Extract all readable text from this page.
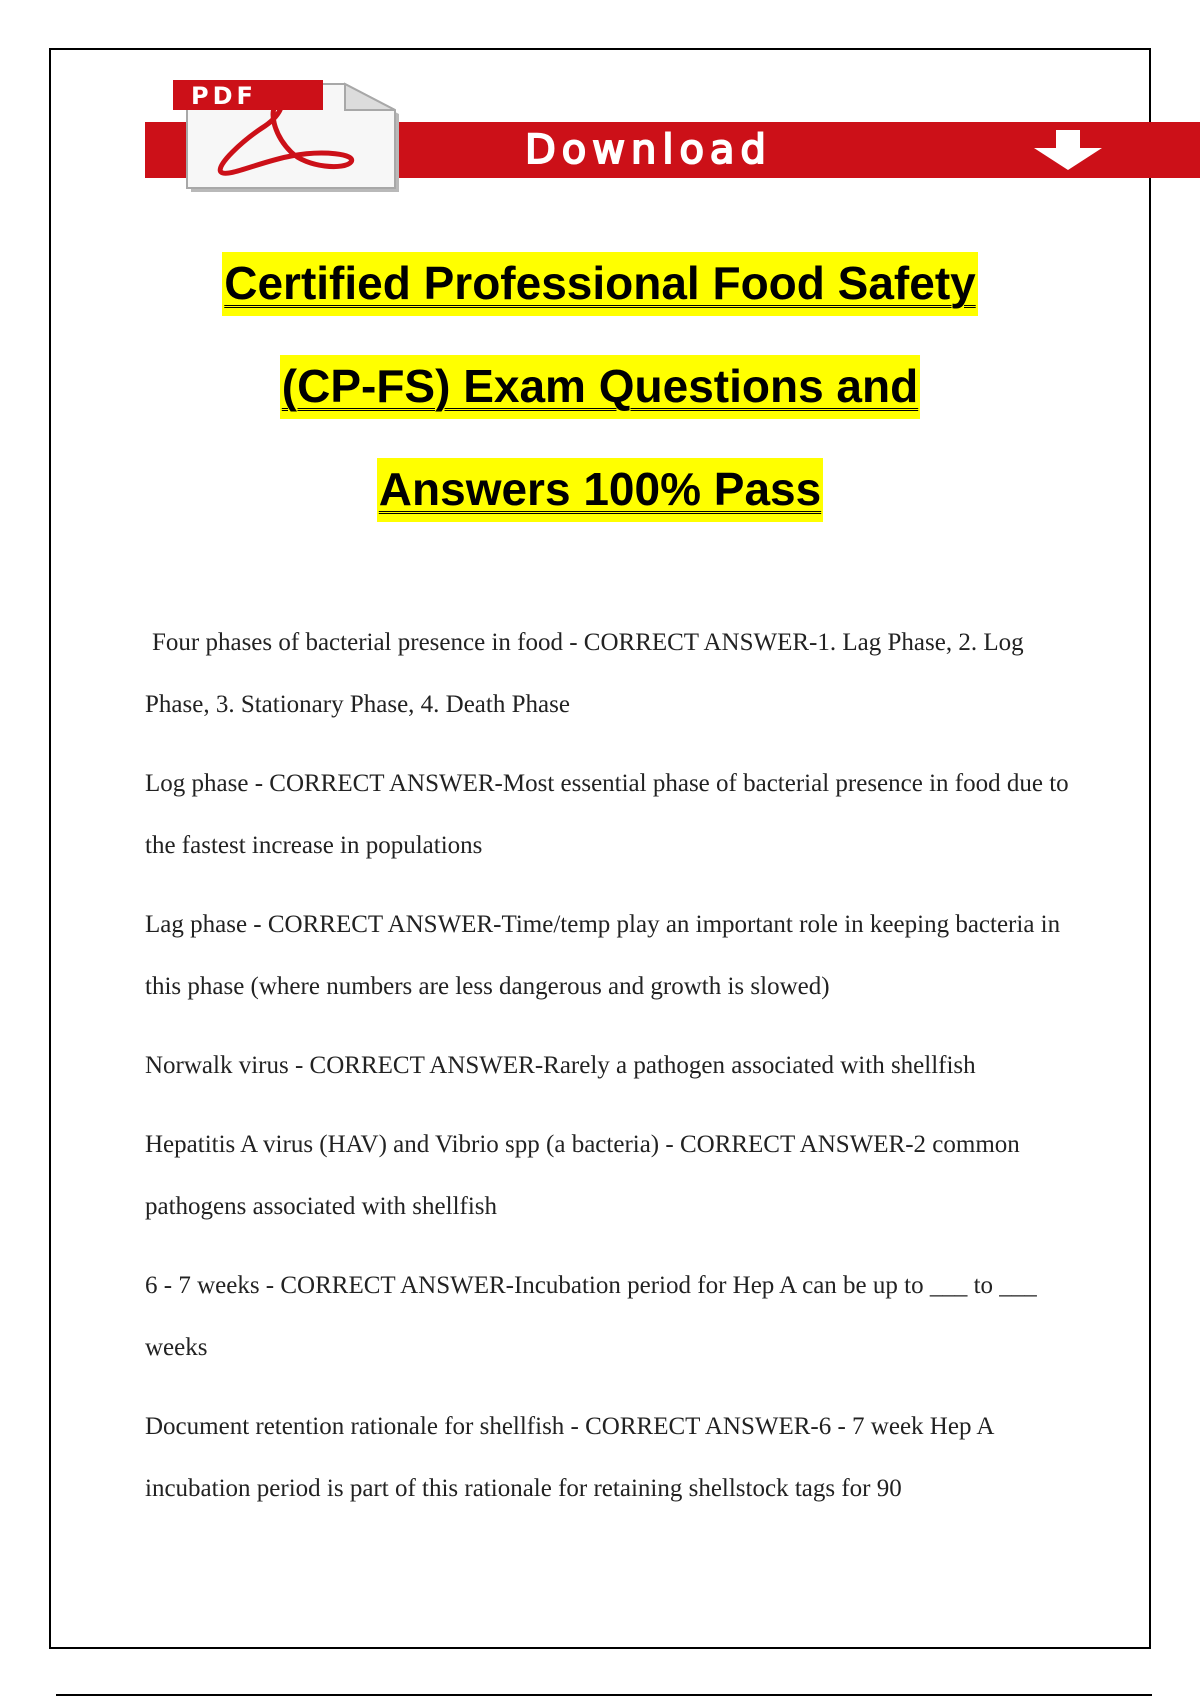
Download
PDF
Certified Professional Food Safety
(CP-FS) Exam Questions and
Answers 100% Pass

Four phases of bacterial presence in food - CORRECT ANSWER-1. Lag Phase, 2. Log Phase, 3. Stationary Phase, 4. Death Phase

Log phase - CORRECT ANSWER-Most essential phase of bacterial presence in food due to the fastest increase in populations

Lag phase - CORRECT ANSWER-Time/temp play an important role in keeping bacteria in this phase (where numbers are less dangerous and growth is slowed)

Norwalk virus - CORRECT ANSWER-Rarely a pathogen associated with shellfish

Hepatitis A virus (HAV) and Vibrio spp (a bacteria) - CORRECT ANSWER-2 common pathogens associated with shellfish

6 - 7 weeks - CORRECT ANSWER-Incubation period for Hep A can be up to ___ to ___ weeks

Document retention rationale for shellfish - CORRECT ANSWER-6 - 7 week Hep A incubation period is part of this rationale for retaining shellstock tags for 90
